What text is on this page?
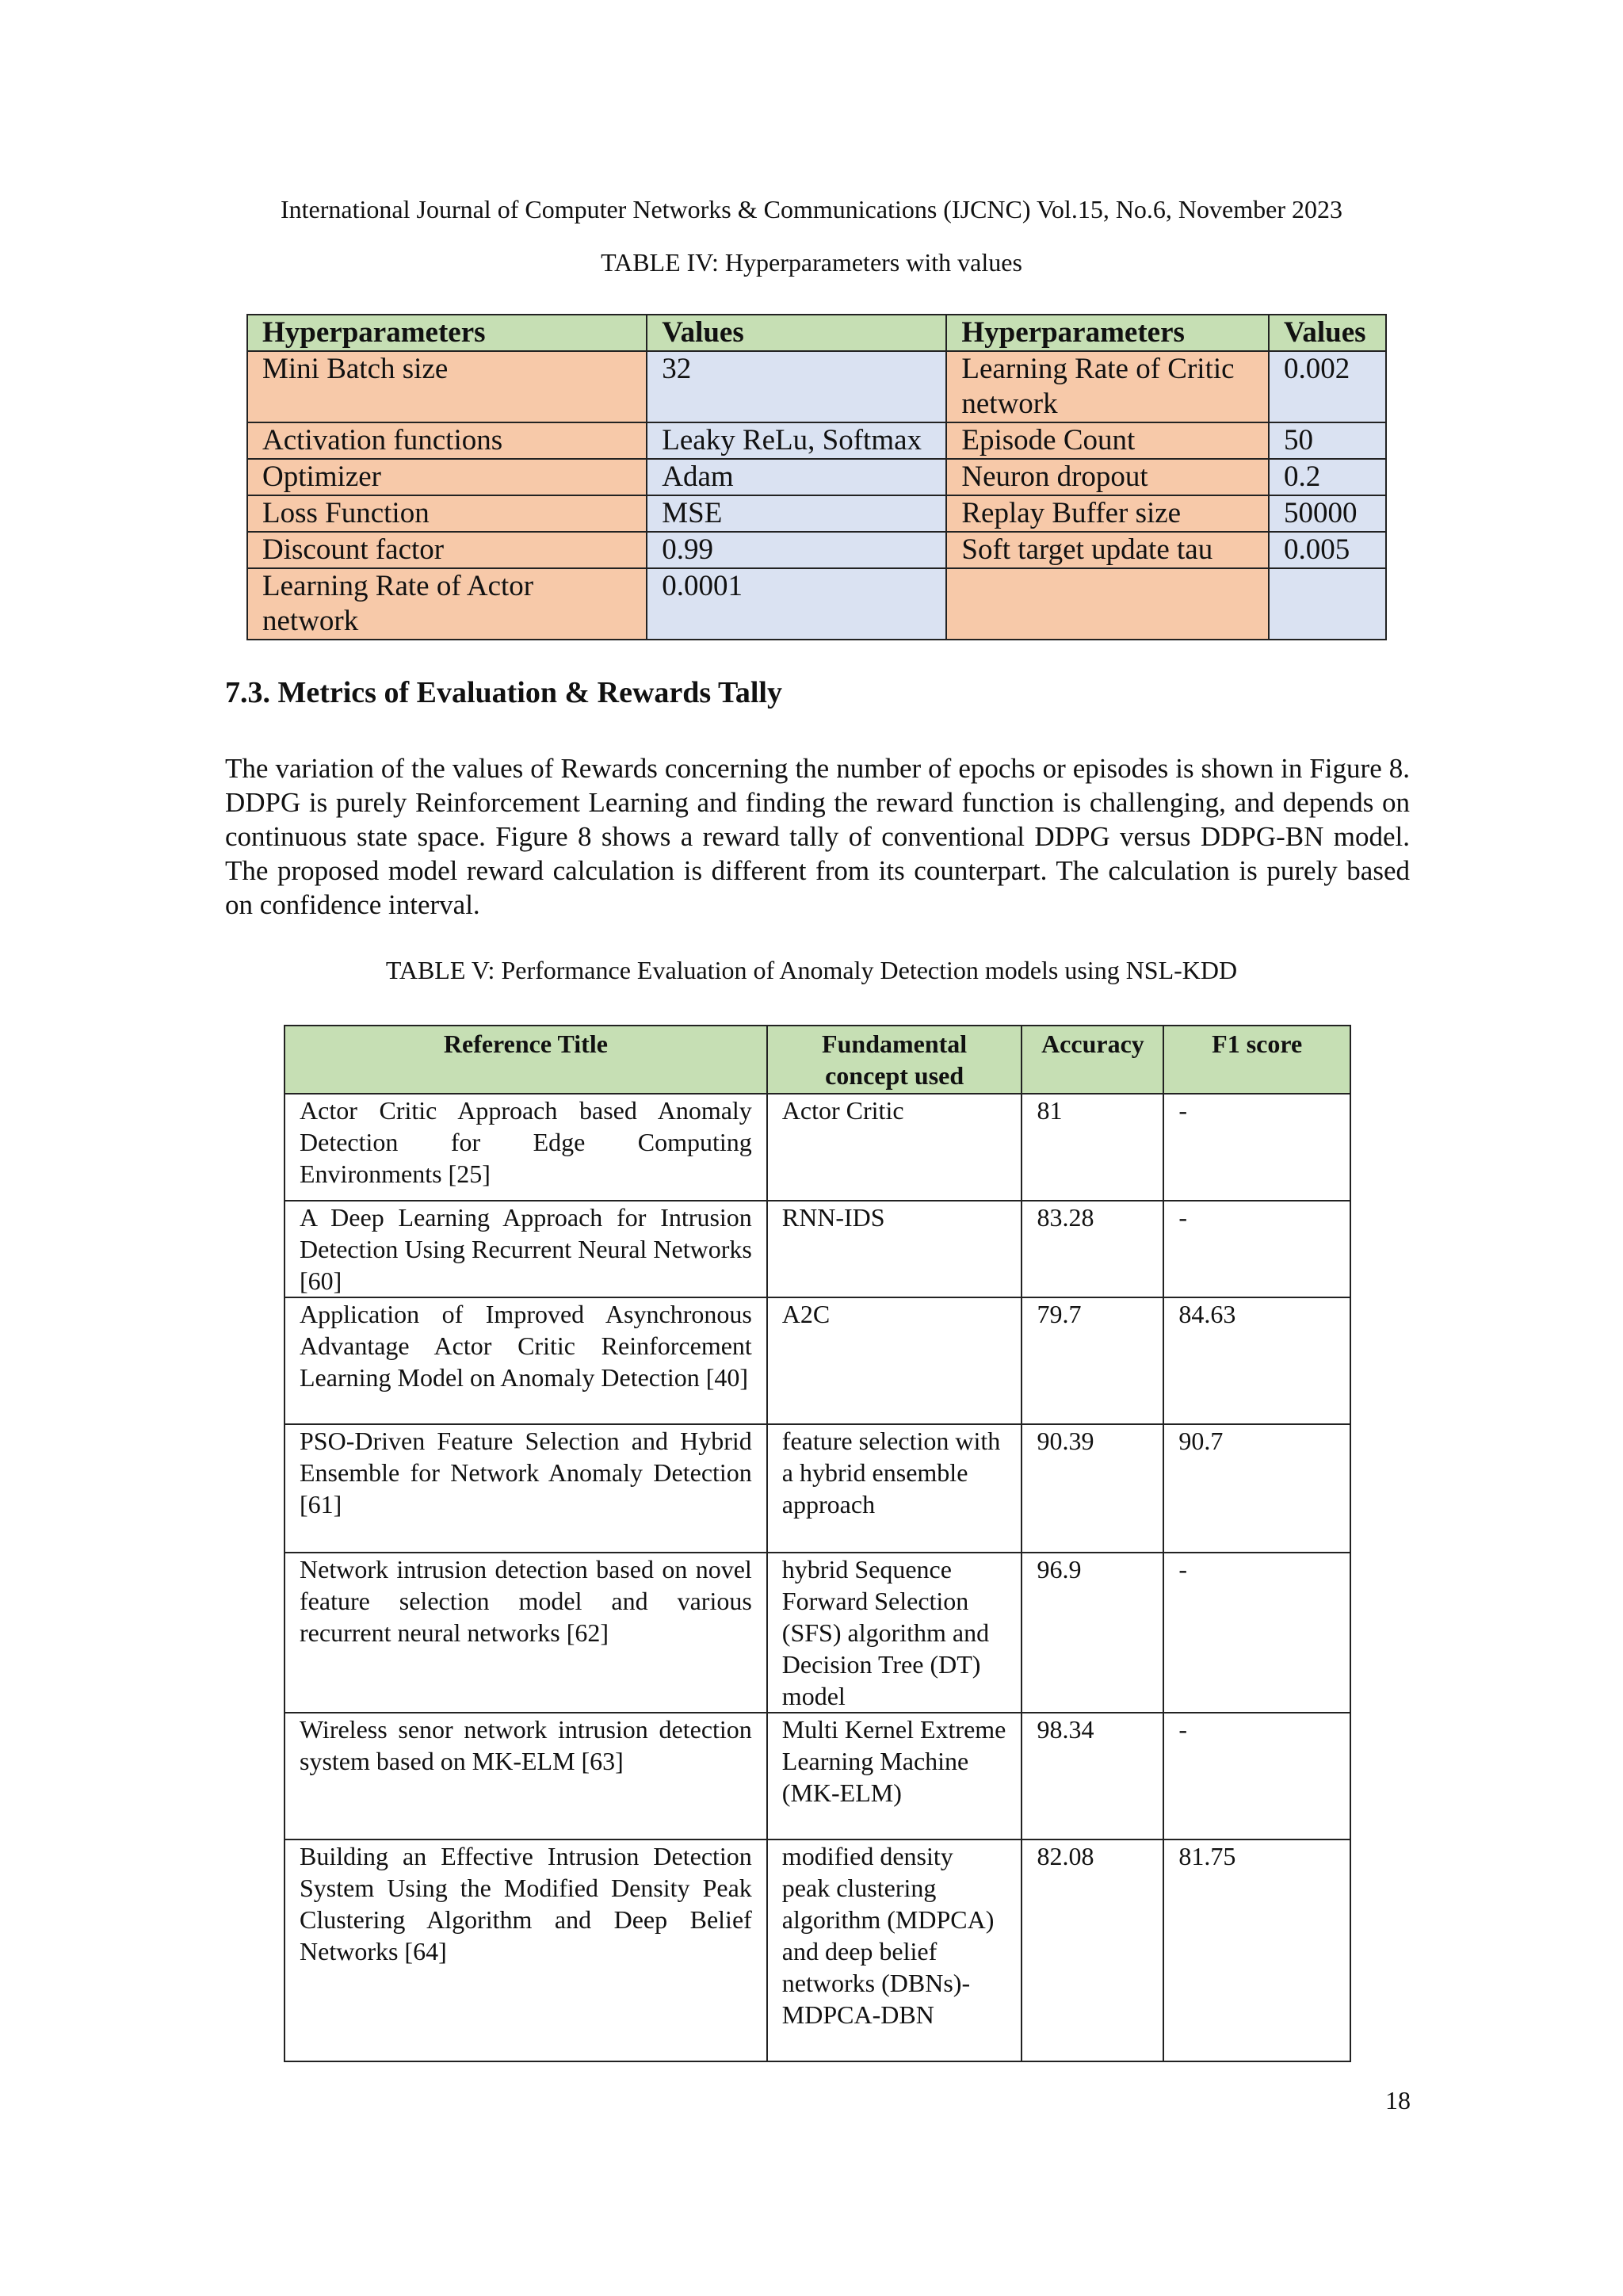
International Journal of Computer Networks & Communications (IJCNC) Vol.15, No.6, November 2023
TABLE IV: Hyperparameters with values
Hyperparameters	Values	Hyperparameters	Values
Mini Batch size	32	Learning Rate of Critic network	0.002
Activation functions	Leaky ReLu, Softmax	Episode Count	50
Optimizer	Adam	Neuron dropout	0.2
Loss Function	MSE	Replay Buffer size	50000
Discount factor	0.99	Soft target update tau	0.005
Learning Rate of Actor network	0.0001		
7.3. Metrics of Evaluation & Rewards Tally

The variation of the values of Rewards concerning the number of epochs or episodes is shown in Figure 8. DDPG is purely Reinforcement Learning and finding the reward function is challenging, and depends on continuous state space. Figure 8 shows a reward tally of conventional DDPG versus DDPG-BN model. The proposed model reward calculation is different from its counterpart. The calculation is purely based on confidence interval.

TABLE V: Performance Evaluation of Anomaly Detection models using NSL-KDD
Reference Title	Fundamental concept used	Accuracy	F1 score
Actor Critic Approach based Anomaly Detection for Edge Computing Environments [25]	Actor Critic	81	-
A Deep Learning Approach for Intrusion Detection Using Recurrent Neural Networks [60]	RNN-IDS	83.28	-
Application of Improved Asynchronous Advantage Actor Critic Reinforcement Learning Model on Anomaly Detection [40]	A2C	79.7	84.63
PSO-Driven Feature Selection and Hybrid Ensemble for Network Anomaly Detection [61]	feature selection with a hybrid ensemble approach	90.39	90.7
Network intrusion detection based on novel feature selection model and various recurrent neural networks [62]	hybrid Sequence Forward Selection (SFS) algorithm and Decision Tree (DT) model	96.9	-
Wireless senor network intrusion detection system based on MK-ELM [63]	Multi Kernel Extreme Learning Machine (MK-ELM)	98.34	-
Building an Effective Intrusion Detection System Using the Modified Density Peak Clustering Algorithm and Deep Belief Networks [64]	modified density peak clustering algorithm (MDPCA) and deep belief networks (DBNs)- MDPCA-DBN	82.08	81.75
18
